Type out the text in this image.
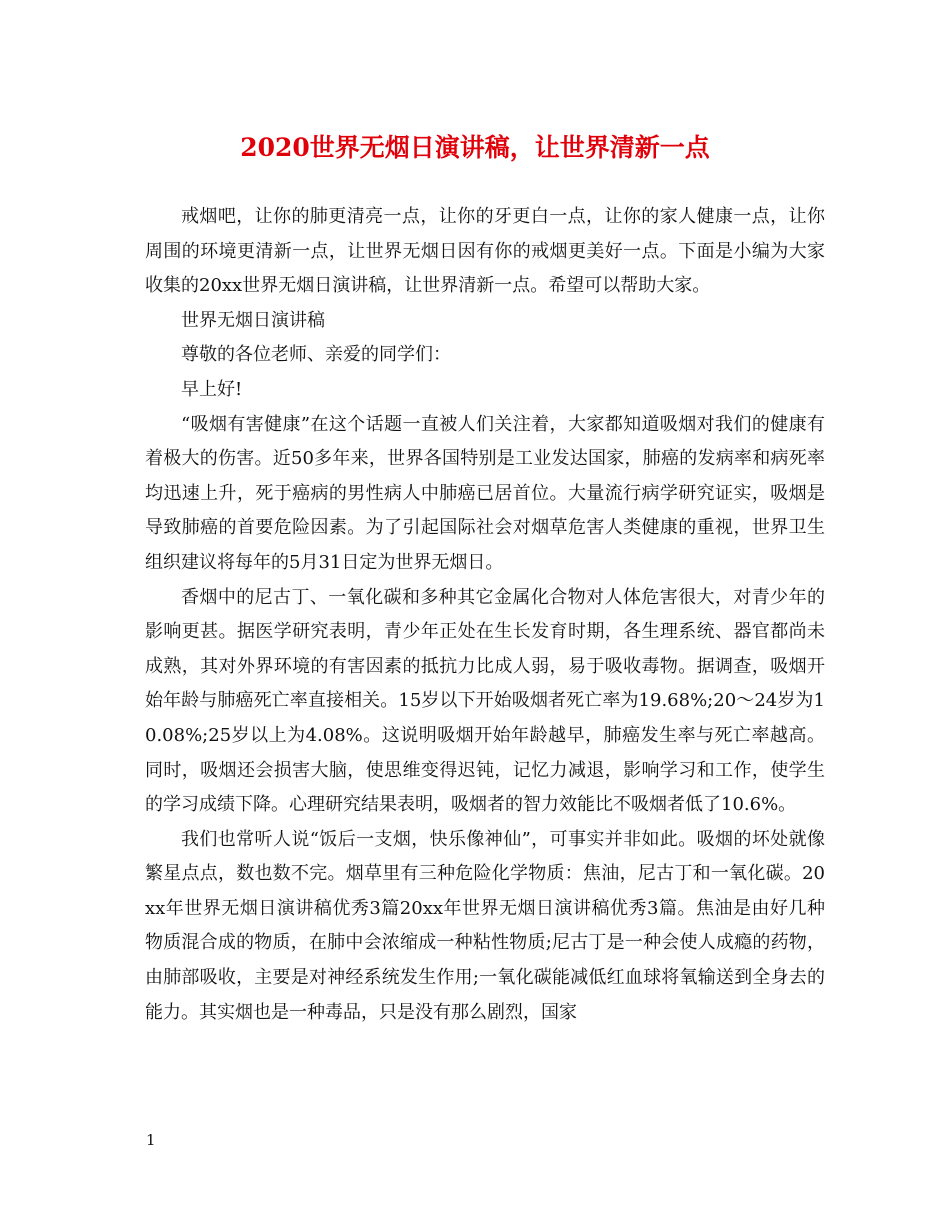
2020世界无烟日演讲稿，让世界清新一点

戒烟吧，让你的肺更清亮一点，让你的牙更白一点，让你的家人健康一点，让你周围的环境更清新一点，让世界无烟日因有你的戒烟更美好一点。下面是小编为大家收集的20xx世界无烟日演讲稿，让世界清新一点。希望可以帮助大家。

世界无烟日演讲稿

尊敬的各位老师、亲爱的同学们：

早上好!

“吸烟有害健康”在这个话题一直被人们关注着，大家都知道吸烟对我们的健康有着极大的伤害。近50多年来，世界各国特别是工业发达国家，肺癌的发病率和病死率均迅速上升，死于癌病的男性病人中肺癌已居首位。大量流行病学研究证实，吸烟是导致肺癌的首要危险因素。为了引起国际社会对烟草危害人类健康的重视，世界卫生组织建议将每年的5月31日定为世界无烟日。

香烟中的尼古丁、一氧化碳和多种其它金属化合物对人体危害很大，对青少年的影响更甚。据医学研究表明，青少年正处在生长发育时期，各生理系统、器官都尚未成熟，其对外界环境的有害因素的抵抗力比成人弱，易于吸收毒物。据调查，吸烟开始年龄与肺癌死亡率直接相关。15岁以下开始吸烟者死亡率为19.68%;20～24岁为10.08%;25岁以上为4.08%。这说明吸烟开始年龄越早，肺癌发生率与死亡率越高。同时，吸烟还会损害大脑，使思维变得迟钝，记忆力减退，影响学习和工作，使学生的学习成绩下降。心理研究结果表明，吸烟者的智力效能比不吸烟者低了10.6%。

我们也常听人说“饭后一支烟，快乐像神仙”，可事实并非如此。吸烟的坏处就像繁星点点，数也数不完。烟草里有三种危险化学物质：焦油，尼古丁和一氧化碳。20xx年世界无烟日演讲稿优秀3篇20xx年世界无烟日演讲稿优秀3篇。焦油是由好几种物质混合成的物质，在肺中会浓缩成一种粘性物质;尼古丁是一种会使人成瘾的药物，由肺部吸收，主要是对神经系统发生作用;一氧化碳能减低红血球将氧输送到全身去的能力。其实烟也是一种毒品，只是没有那么剧烈，国家

1
